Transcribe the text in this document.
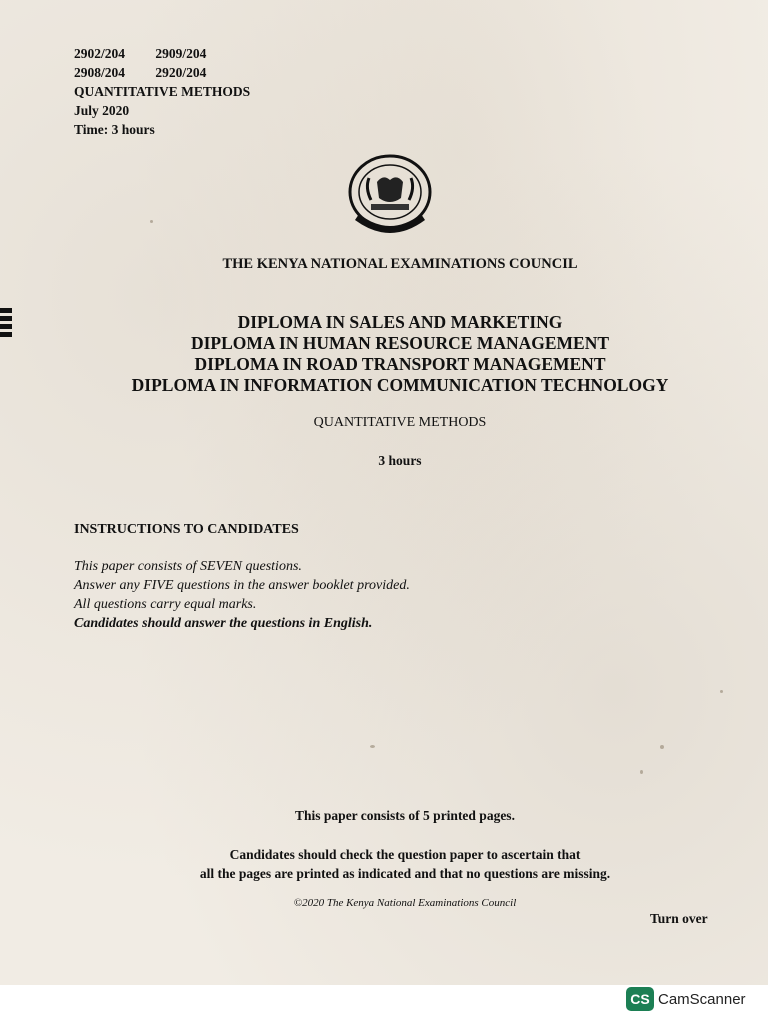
2902/204 2909/204
2908/204 2920/204
QUANTITATIVE METHODS
July 2020
Time: 3 hours
THE KENYA NATIONAL EXAMINATIONS COUNCIL
DIPLOMA IN SALES AND MARKETING
DIPLOMA IN HUMAN RESOURCE MANAGEMENT
DIPLOMA IN ROAD TRANSPORT MANAGEMENT
DIPLOMA IN INFORMATION COMMUNICATION TECHNOLOGY
QUANTITATIVE METHODS
3 hours
INSTRUCTIONS TO CANDIDATES
This paper consists of SEVEN questions.
Answer any FIVE questions in the answer booklet provided.
All questions carry equal marks.
Candidates should answer the questions in English.
This paper consists of 5 printed pages.
Candidates should check the question paper to ascertain that
all the pages are printed as indicated and that no questions are missing.
©2020 The Kenya National Examinations Council
Turn over
CS CamScanner
